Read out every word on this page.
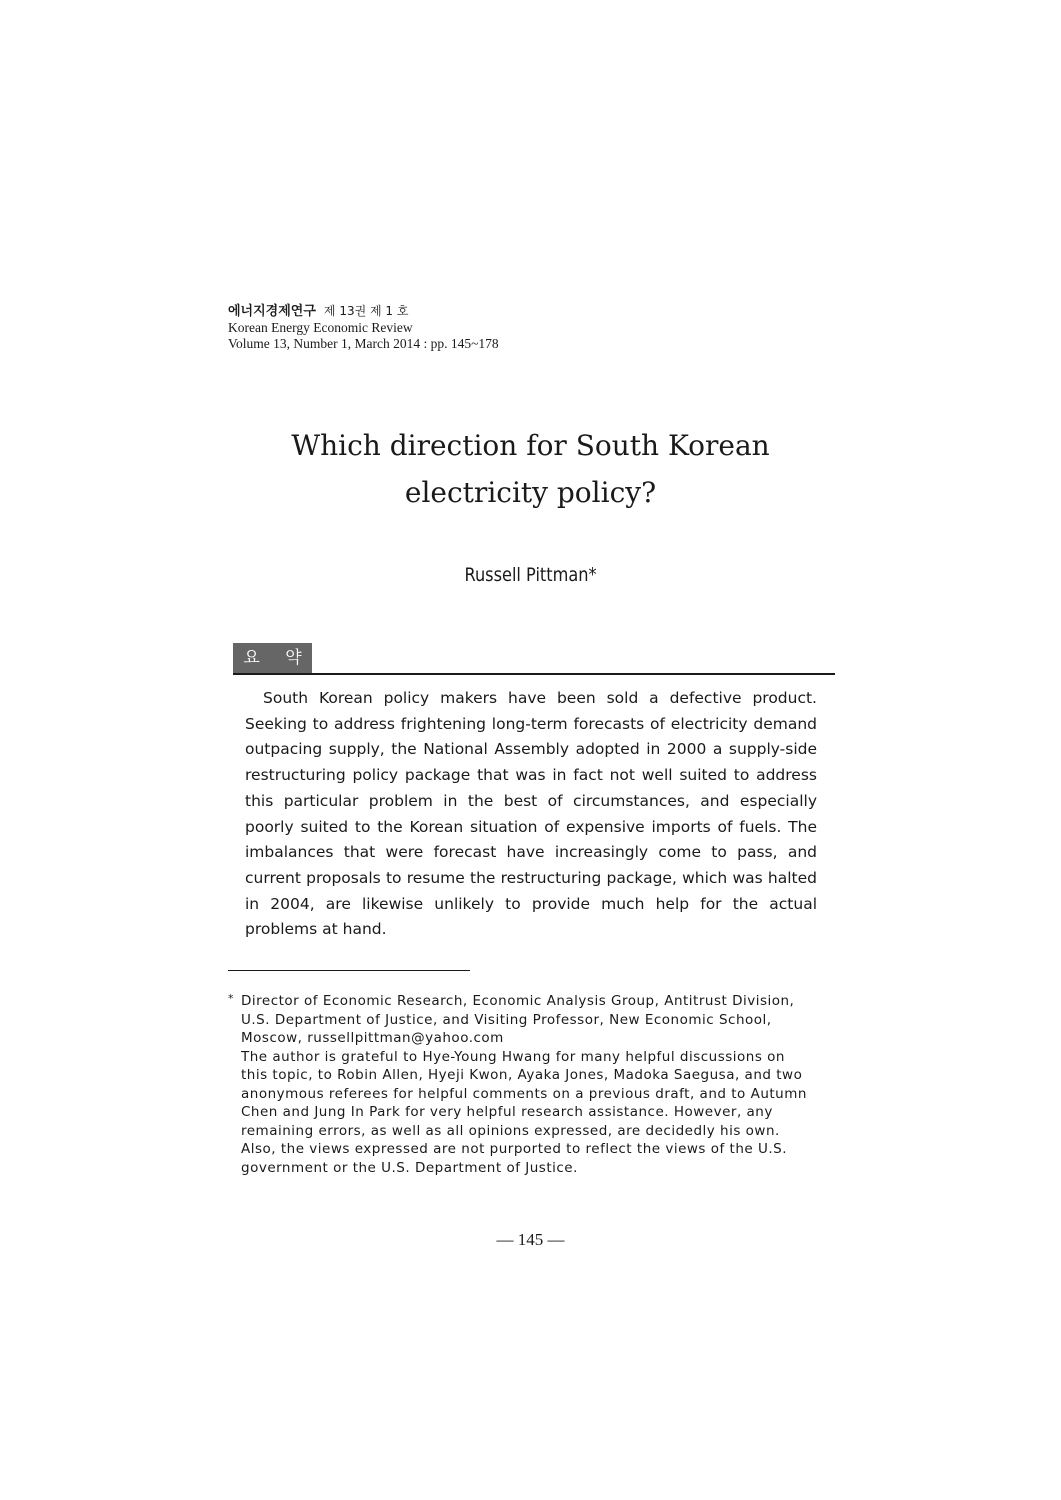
에너지경제연구 제 13권 제 1 호
Korean Energy Economic Review
Volume 13, Number 1, March 2014 : pp. 145~178
Which direction for South Korean
electricity policy?
Russell Pittman*
요 약

South Korean policy makers have been sold a defective product. Seeking to address frightening long-term forecasts of electricity demand outpacing supply, the National Assembly adopted in 2000 a supply-side restructuring policy package that was in fact not well suited to address this particular problem in the best of circumstances, and especially poorly suited to the Korean situation of expensive imports of fuels. The imbalances that were forecast have increasingly come to pass, and current proposals to resume the restructuring package, which was halted in 2004, are likewise unlikely to provide much help for the actual problems at hand.

* Director of Economic Research, Economic Analysis Group, Antitrust Division, U.S. Department of Justice, and Visiting Professor, New Economic School, Moscow, russellpittman@yahoo.com

The author is grateful to Hye-Young Hwang for many helpful discussions on this topic, to Robin Allen, Hyeji Kwon, Ayaka Jones, Madoka Saegusa, and two anonymous referees for helpful comments on a previous draft, and to Autumn Chen and Jung In Park for very helpful research assistance. However, any remaining errors, as well as all opinions expressed, are decidedly his own. Also, the views expressed are not purported to reflect the views of the U.S. government or the U.S. Department of Justice.

— 145 —
